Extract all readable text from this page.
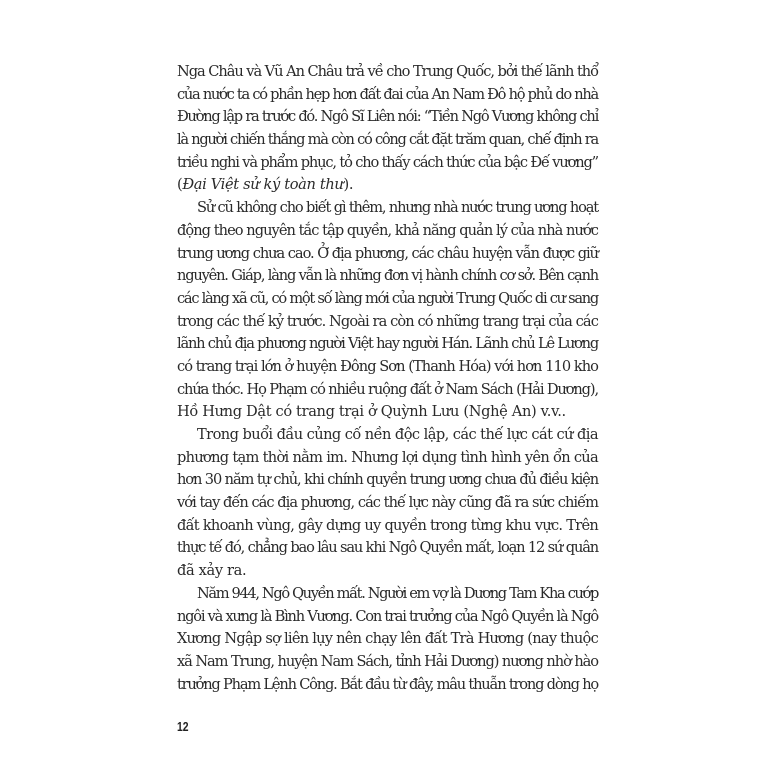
Nga Châu và Vũ An Châu trả về cho Trung Quốc, bởi thế lãnh thổ
của nước ta có phần hẹp hơn đất đai của An Nam Đô hộ phủ do nhà
Đường lập ra trước đó. Ngô Sĩ Liên nói: “Tiền Ngô Vương không chỉ
là người chiến thắng mà còn có công cắt đặt trăm quan, chế định ra
triều nghi và phẩm phục, tỏ cho thấy cách thức của bậc Đế vương”
(Đại Việt sử ký toàn thư).
Sử cũ không cho biết gì thêm, nhưng nhà nước trung ương hoạt
động theo nguyên tắc tập quyền, khả năng quản lý của nhà nước
trung ương chưa cao. Ở địa phương, các châu huyện vẫn được giữ
nguyên. Giáp, làng vẫn là những đơn vị hành chính cơ sở. Bên cạnh
các làng xã cũ, có một số làng mới của người Trung Quốc di cư sang
trong các thế kỷ trước. Ngoài ra còn có những trang trại của các
lãnh chủ địa phương người Việt hay người Hán. Lãnh chủ Lê Lương
có trang trại lớn ở huyện Đông Sơn (Thanh Hóa) với hơn 110 kho
chứa thóc. Họ Phạm có nhiều ruộng đất ở Nam Sách (Hải Dương),
Hồ Hưng Dật có trang trại ở Quỳnh Lưu (Nghệ An) v.v..
Trong buổi đầu củng cố nền độc lập, các thế lực cát cứ địa
phương tạm thời nằm im. Nhưng lợi dụng tình hình yên ổn của
hơn 30 năm tự chủ, khi chính quyền trung ương chưa đủ điều kiện
với tay đến các địa phương, các thế lực này cũng đã ra sức chiếm
đất khoanh vùng, gây dựng uy quyền trong từng khu vực. Trên
thực tế đó, chẳng bao lâu sau khi Ngô Quyền mất, loạn 12 sứ quân
đã xảy ra.
Năm 944, Ngô Quyền mất. Người em vợ là Dương Tam Kha cướp
ngôi và xưng là Bình Vương. Con trai trưởng của Ngô Quyền là Ngô
Xương Ngập sợ liên lụy nên chạy lên đất Trà Hương (nay thuộc
xã Nam Trung, huyện Nam Sách, tỉnh Hải Dương) nương nhờ hào
trưởng Phạm Lệnh Công. Bắt đầu từ đây, mâu thuẫn trong dòng họ
12
